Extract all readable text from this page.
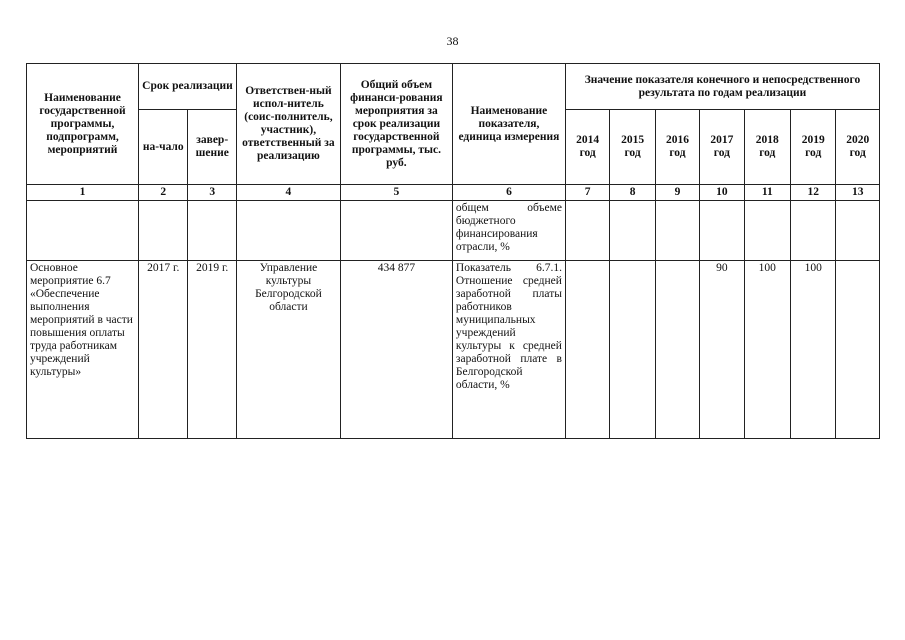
38
Наименование государственной программы, подпрограмм, мероприятий	Срок реализации		Ответствен-ный испол-нитель (соис-полнитель, участник), ответственный за реализацию	Общий объем финанси-рования мероприятия за срок реализации государственной программы, тыс. руб.	Наименование показателя, единица измерения	Значение показателя конечного и непосредственного результата по годам реализации						
	на-чало	завер-шение				2014 год	2015 год	2016 год	2017 год	2018 год	2019 год	2020 год
1	2	3	4	5	6	7	8	9	10	11	12	13
					общем объеме бюджетного финансирования отрасли, %							
Основное мероприятие 6.7 «Обеспечение выполнения мероприятий в части повышения оплаты труда работникам учреждений культуры»	2017 г.	2019 г.	Управление культуры Белгородской области	434 877	Показатель 6.7.1. Отношение средней заработной платы работников муниципальных учреждений культуры к средней заработной плате в Белгородской области, %				90	100	100	
